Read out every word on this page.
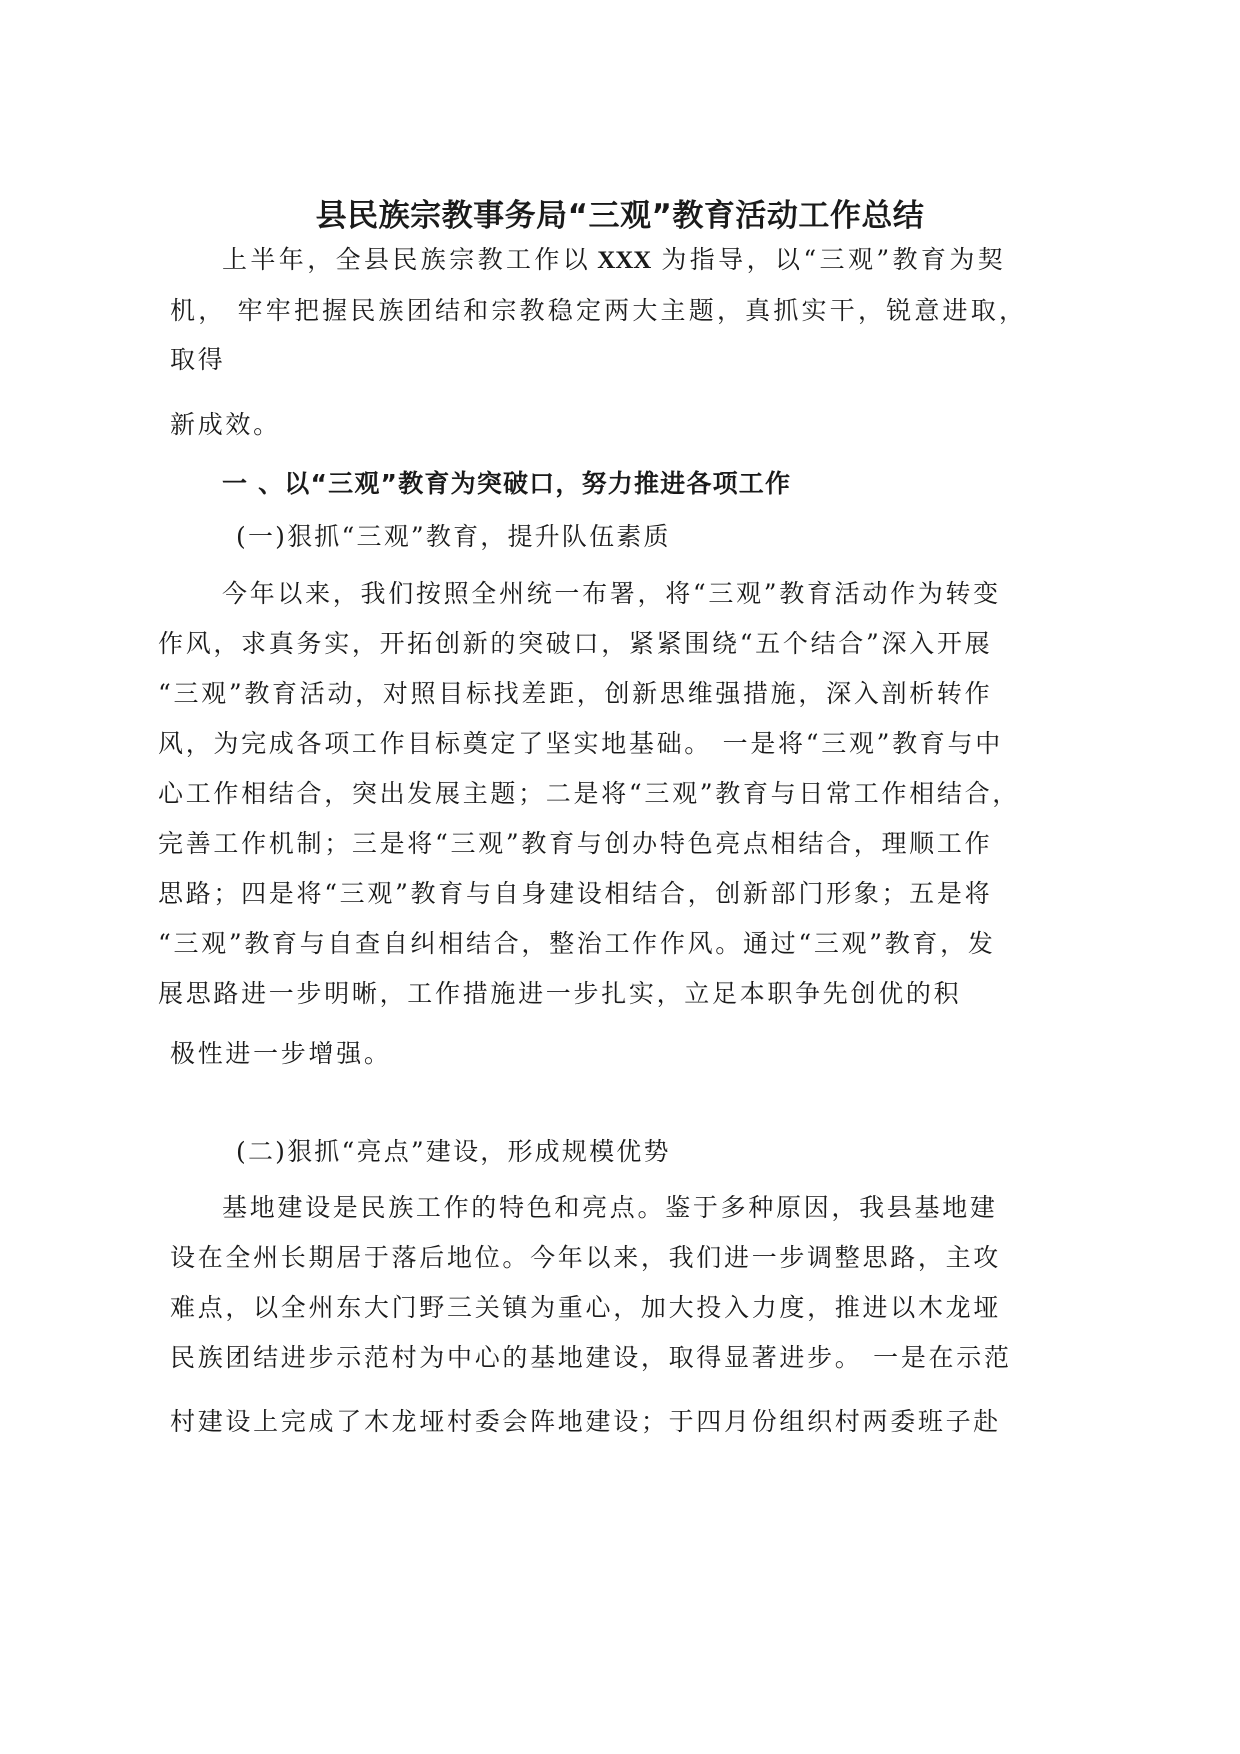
县民族宗教事务局“三观”教育活动工作总结
上半年，全县民族宗教工作以 XXX 为指导，以“三观”教育为契
机， 牢牢把握民族团结和宗教稳定两大主题，真抓实干，锐意进取，
取得
新成效。
一 、以“三观”教育为突破口，努力推进各项工作
(一)狠抓“三观”教育，提升队伍素质
今年以来，我们按照全州统一布署，将“三观”教育活动作为转变
作风，求真务实，开拓创新的突破口，紧紧围绕“五个结合”深入开展
“三观”教育活动，对照目标找差距，创新思维强措施，深入剖析转作
风，为完成各项工作目标奠定了坚实地基础。 一是将“三观”教育与中
心工作相结合，突出发展主题；二是将“三观”教育与日常工作相结合，
完善工作机制；三是将“三观”教育与创办特色亮点相结合，理顺工作
思路；四是将“三观”教育与自身建设相结合，创新部门形象；五是将
“三观”教育与自查自纠相结合，整治工作作风。通过“三观”教育，发
展思路进一步明晰，工作措施进一步扎实，立足本职争先创优的积
极性进一步增强。
(二)狠抓“亮点”建设，形成规模优势
基地建设是民族工作的特色和亮点。鉴于多种原因，我县基地建
设在全州长期居于落后地位。今年以来，我们进一步调整思路，主攻
难点，以全州东大门野三关镇为重心，加大投入力度，推进以木龙垭
民族团结进步示范村为中心的基地建设，取得显著进步。 一是在示范
村建设上完成了木龙垭村委会阵地建设；于四月份组织村两委班子赴
